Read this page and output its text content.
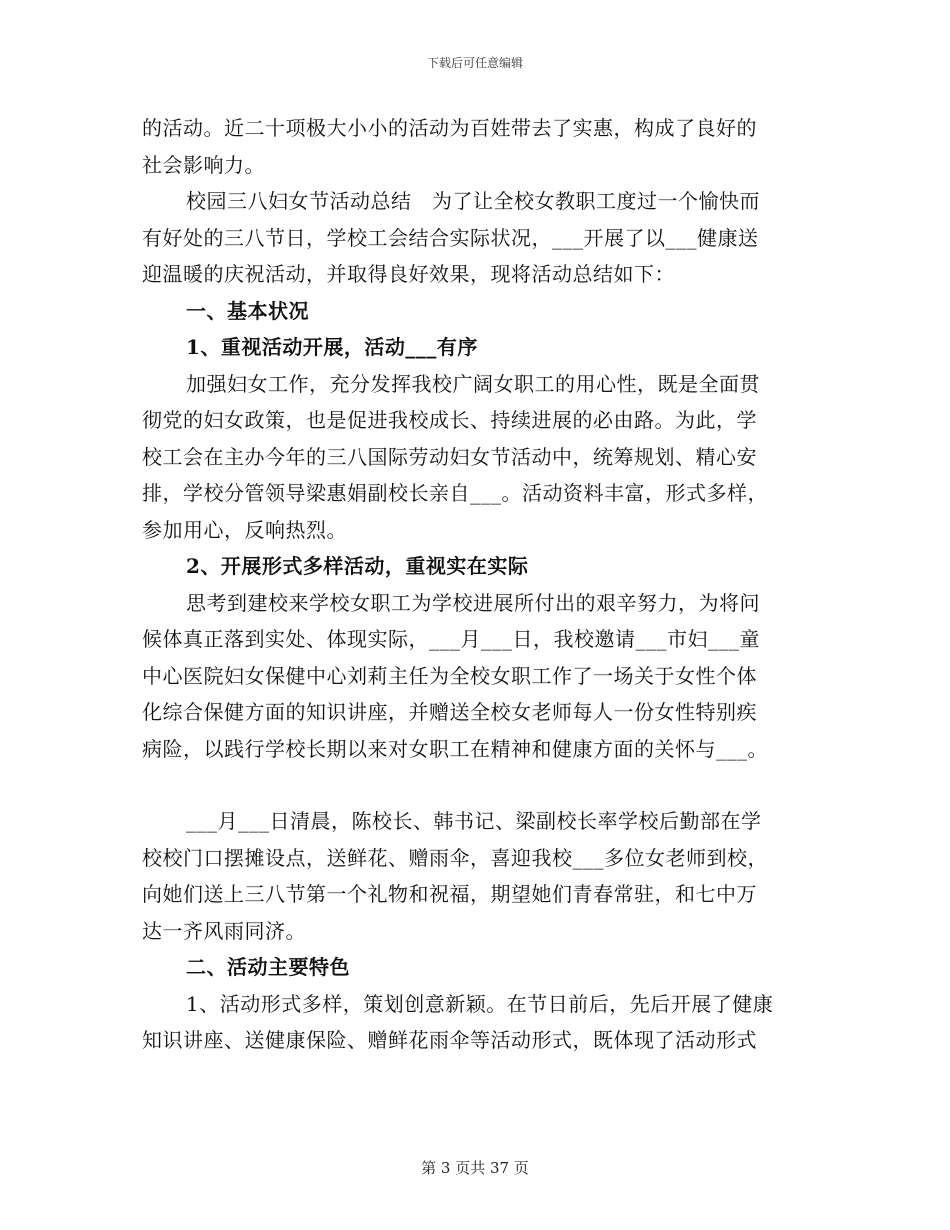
下载后可任意编辑
的活动。近二十项极大小小的活动为百姓带去了实惠，构成了良好的
社会影响力。
校园三八妇女节活动总结　为了让全校女教职工度过一个愉快而
有好处的三八节日，学校工会结合实际状况，___开展了以___健康送
迎温暖的庆祝活动，并取得良好效果，现将活动总结如下：
一、基本状况
1、重视活动开展，活动___有序
加强妇女工作，充分发挥我校广阔女职工的用心性，既是全面贯
彻党的妇女政策，也是促进我校成长、持续进展的必由路。为此，学
校工会在主办今年的三八国际劳动妇女节活动中，统筹规划、精心安
排，学校分管领导梁惠娟副校长亲自___。活动资料丰富，形式多样，
参加用心，反响热烈。
2、开展形式多样活动，重视实在实际
思考到建校来学校女职工为学校进展所付出的艰辛努力，为将问
候体真正落到实处、体现实际，___月___日，我校邀请___市妇___童
中心医院妇女保健中心刘莉主任为全校女职工作了一场关于女性个体
化综合保健方面的知识讲座，并赠送全校女老师每人一份女性特别疾
病险，以践行学校长期以来对女职工在精神和健康方面的关怀与___。
___月___日清晨，陈校长、韩书记、梁副校长率学校后勤部在学
校校门口摆摊设点，送鲜花、赠雨伞，喜迎我校___多位女老师到校，
向她们送上三八节第一个礼物和祝福，期望她们青春常驻，和七中万
达一齐风雨同济。
二、活动主要特色
1、活动形式多样，策划创意新颖。在节日前后，先后开展了健康
知识讲座、送健康保险、赠鲜花雨伞等活动形式，既体现了活动形式
第 3 页共 37 页
